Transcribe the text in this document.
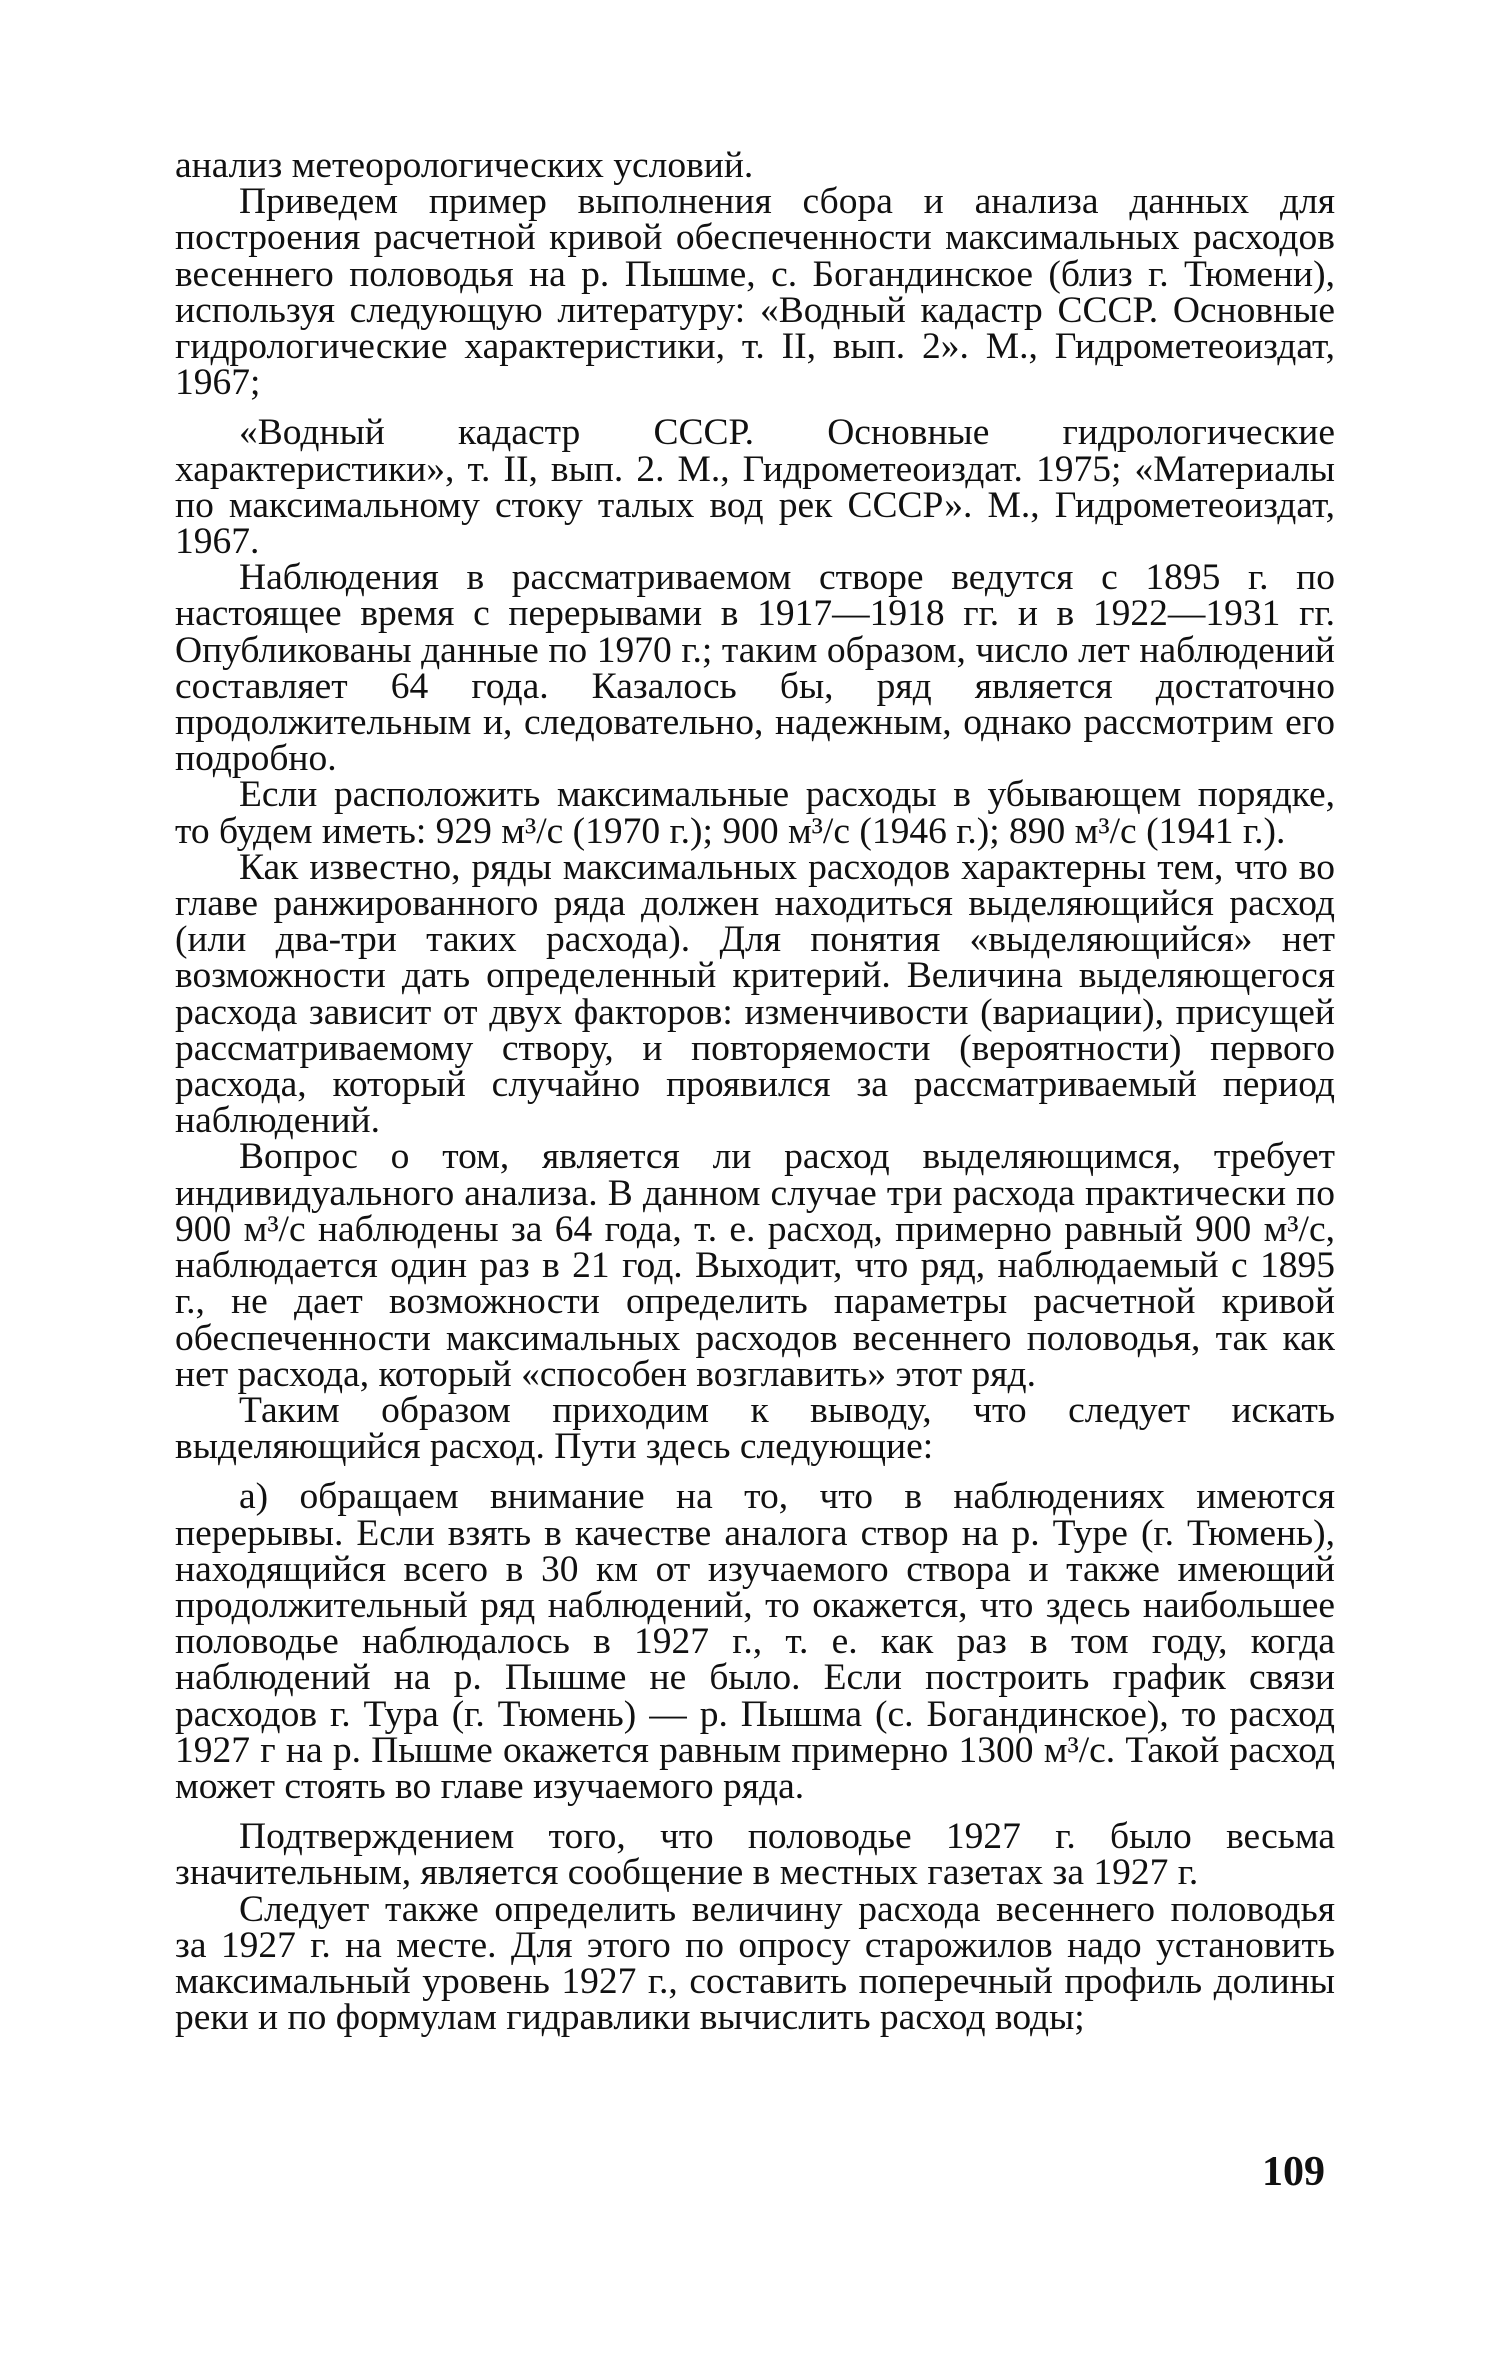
анализ метеорологических условий.

Приведем пример выполнения сбора и анализа данных для построения расчетной кривой обеспеченности максимальных расходов весеннего половодья на р. Пышме, с. Богандинское (близ г. Тюмени), используя следующую литературу: «Водный кадастр СССР. Основные гидрологические характеристики, т. II, вып. 2». М., Гидрометеоиздат, 1967;

«Водный кадастр СССР. Основные гидрологические характеристики», т. II, вып. 2. М., Гидрометеоиздат. 1975; «Материалы по максимальному стоку талых вод рек СССР». М., Гидрометеоиздат, 1967.

Наблюдения в рассматриваемом створе ведутся с 1895 г. по настоящее время с перерывами в 1917—1918 гг. и в 1922—1931 гг. Опубликованы данные по 1970 г.; таким образом, число лет наблюдений составляет 64 года. Казалось бы, ряд является достаточно продолжительным и, следовательно, надежным, однако рассмотрим его подробно.

Если расположить максимальные расходы в убывающем порядке, то будем иметь: 929 м³/с (1970 г.); 900 м³/с (1946 г.); 890 м³/с (1941 г.).

Как известно, ряды максимальных расходов характерны тем, что во главе ранжированного ряда должен находиться выделяющийся расход (или два-три таких расхода). Для понятия «выделяющийся» нет возможности дать определенный критерий. Величина выделяющегося расхода зависит от двух факторов: изменчивости (вариации), присущей рассматриваемому створу, и повторяемости (вероятности) первого расхода, который случайно проявился за рассматриваемый период наблюдений.

Вопрос о том, является ли расход выделяющимся, требует индивидуального анализа. В данном случае три расхода практически по 900 м³/с наблюдены за 64 года, т. е. расход, примерно равный 900 м³/с, наблюдается один раз в 21 год. Выходит, что ряд, наблюдаемый с 1895 г., не дает возможности определить параметры расчетной кривой обеспеченности максимальных расходов весеннего половодья, так как нет расхода, который «способен возглавить» этот ряд.

Таким образом приходим к выводу, что следует искать выделяющийся расход. Пути здесь следующие:

а) обращаем внимание на то, что в наблюдениях имеются перерывы. Если взять в качестве аналога створ на р. Туре (г. Тюмень), находящийся всего в 30 км от изучаемого створа и также имеющий продолжительный ряд наблюдений, то окажется, что здесь наибольшее половодье наблюдалось в 1927 г., т. е. как раз в том году, когда наблюдений на р. Пышме не было. Если построить график связи расходов г. Тура (г. Тюмень) — р. Пышма (с. Богандинское), то расход 1927 г на р. Пышме окажется равным примерно 1300 м³/с. Такой расход может стоять во главе изучаемого ряда.

Подтверждением того, что половодье 1927 г. было весьма значительным, является сообщение в местных газетах за 1927 г.

Следует также определить величину расхода весеннего половодья за 1927 г. на месте. Для этого по опросу старожилов надо установить максимальный уровень 1927 г., составить поперечный профиль долины реки и по формулам гидравлики вычислить расход воды;

109
